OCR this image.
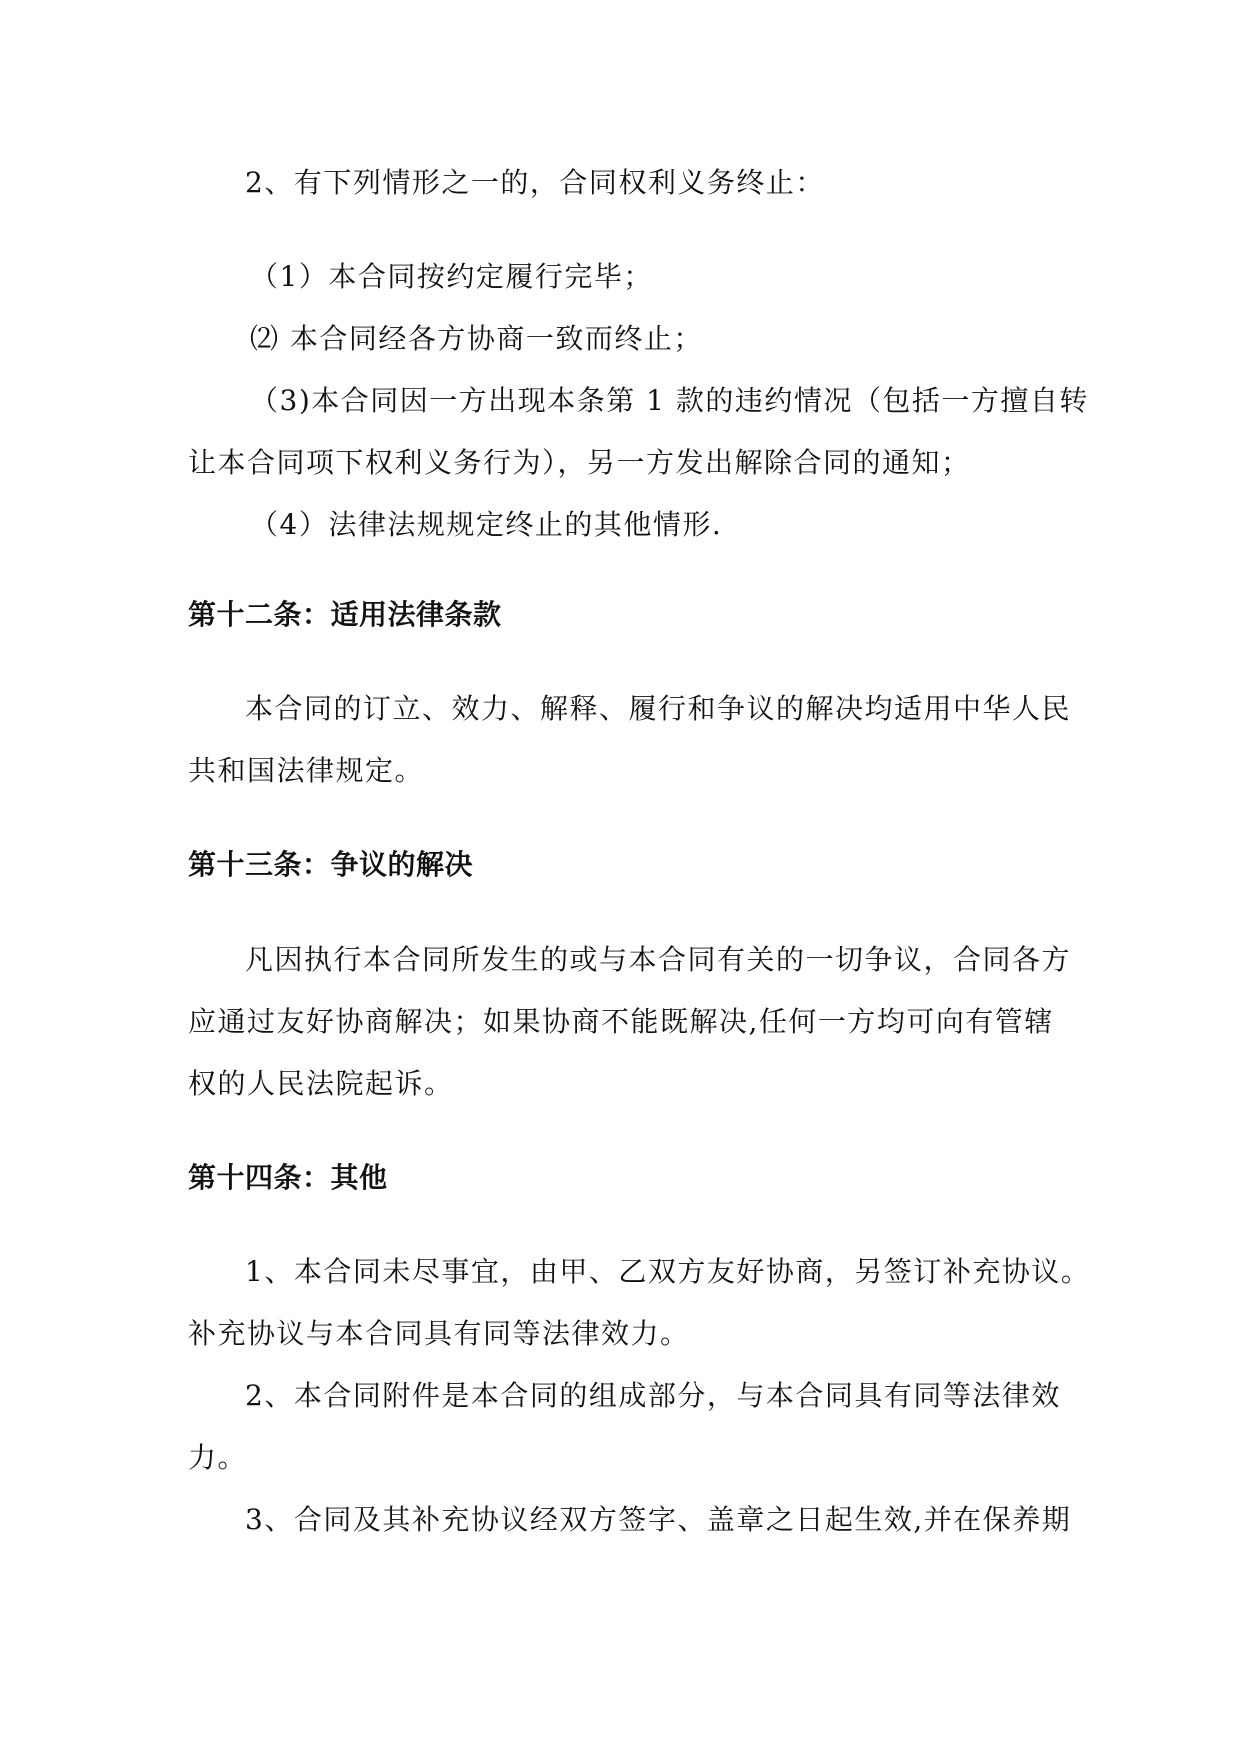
2、有下列情形之一的，合同权利义务终止：
（1）本合同按约定履行完毕；
⑵ 本合同经各方协商一致而终止；
（3)本合同因一方出现本条第 1 款的违约情况（包括一方擅自转
让本合同项下权利义务行为），另一方发出解除合同的通知；
（4）法律法规规定终止的其他情形.
第十二条：适用法律条款
本合同的订立、效力、解释、履行和争议的解决均适用中华人民
共和国法律规定。
第十三条：争议的解决
凡因执行本合同所发生的或与本合同有关的一切争议，合同各方
应通过友好协商解决；如果协商不能既解决,任何一方均可向有管辖
权的人民法院起诉。
第十四条：其他
1、本合同未尽事宜，由甲、乙双方友好协商，另签订补充协议。
补充协议与本合同具有同等法律效力。
2、本合同附件是本合同的组成部分，与本合同具有同等法律效
力。
3、合同及其补充协议经双方签字、盖章之日起生效,并在保养期
